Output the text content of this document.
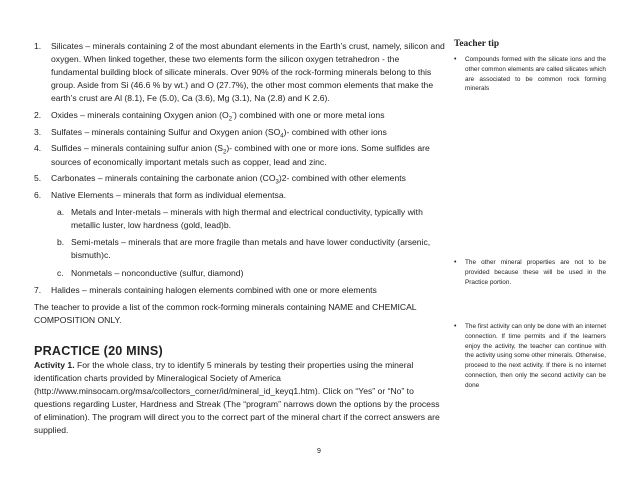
1. Silicates – minerals containing 2 of the most abundant elements in the Earth’s crust, namely, silicon and oxygen. When linked together, these two elements form the silicon oxygen tetrahedron - the fundamental building block of silicate minerals. Over 90% of the rock-forming minerals belong to this group. Aside from Si (46.6 % by wt.) and O (27.7%), the other most common elements that make the earth’s crust are Al (8.1), Fe (5.0), Ca (3.6), Mg (3.1), Na (2.8) and K 2.6).
2. Oxides – minerals containing Oxygen anion $(O_2^-)$ combined with one or more metal ions
3. Sulfates – minerals containing Sulfur and Oxygen anion $(SO_4)-$ combined with other ions
4. Sulfides – minerals containing sulfur anion $(S_2)-$ combined with one or more ions. Some sulfides are sources of economically important metals such as copper, lead and zinc.
5. Carbonates – minerals containing the carbonate anion $(CO_3)2-$ combined with other elements
6. Native Elements – minerals that form as individual elementsa.
a. Metals and Inter-metals – minerals with high thermal and electrical conductivity, typically with metallic luster, low hardness (gold, lead)b.
b. Semi-metals – minerals that are more fragile than metals and have lower conductivity (arsenic, bismuth)c.
c. Nonmetals – nonconductive (sulfur, diamond)
7. Halides – minerals containing halogen elements combined with one or more elements

The teacher to provide a list of the common rock-forming minerals containing NAME and CHEMICAL COMPOSITION ONLY.

PRACTICE (20 MINS)

Activity 1. For the whole class, try to identify 5 minerals by testing their properties using the mineral identification charts provided by Mineralogical Society of America (http://www.minsocam.org/msa/collectors_corner/id/mineral_id_keyq1.htm). Click on “Yes” or “No” to questions regarding Luster, Hardness and Streak (The “program” narrows down the options by the process of elimination). The program will direct you to the correct part of the mineral chart if the correct answers are supplied.

Teacher tip
• Compounds formed with the silicate ions and the other common elements are called silicates which are associated to be common rock forming minerals
• The other mineral properties are not to be provided because these will be used in the Practice portion.
• The first activity can only be done with an internet connection. If time permits and if the learners enjoy the activity, the teacher can continue with the activity using some other minerals. Otherwise, proceed to the next activity. If there is no internet connection, then only the second activity can be done
9
